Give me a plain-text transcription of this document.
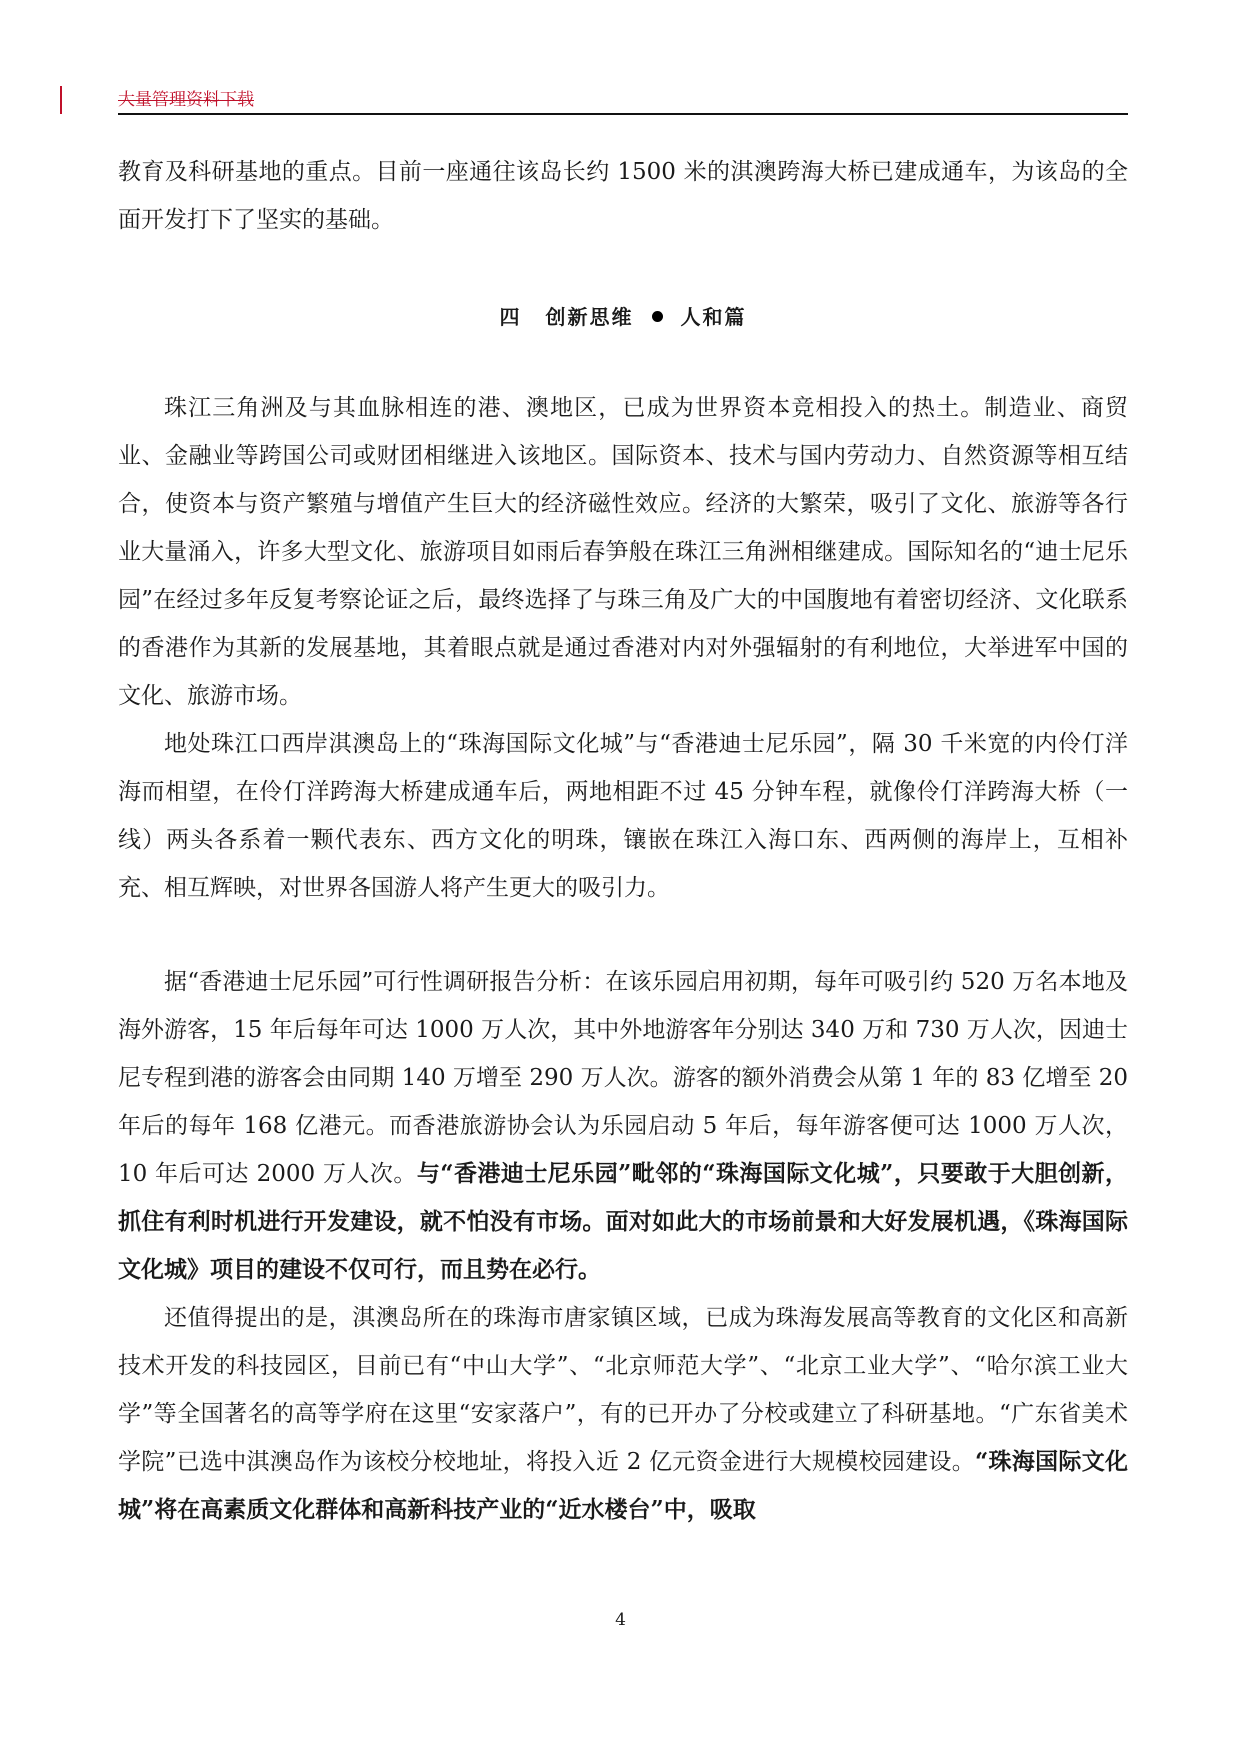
大量管理资料下载

教育及科研基地的重点。目前一座通往该岛长约 1500 米的淇澳跨海大桥已建成通车，为该岛的全面开发打下了坚实的基础。

四 创新思维 人和篇

珠江三角洲及与其血脉相连的港、澳地区，已成为世界资本竞相投入的热土。制造业、商贸业、金融业等跨国公司或财团相继进入该地区。国际资本、技术与国内劳动力、自然资源等相互结合，使资本与资产繁殖与增值产生巨大的经济磁性效应。经济的大繁荣，吸引了文化、旅游等各行业大量涌入，许多大型文化、旅游项目如雨后春笋般在珠江三角洲相继建成。国际知名的“迪士尼乐园”在经过多年反复考察论证之后，最终选择了与珠三角及广大的中国腹地有着密切经济、文化联系的香港作为其新的发展基地，其着眼点就是通过香港对内对外强辐射的有利地位，大举进军中国的文化、旅游市场。

地处珠江口西岸淇澳岛上的“珠海国际文化城”与“香港迪士尼乐园”，隔 30 千米宽的内伶仃洋海而相望，在伶仃洋跨海大桥建成通车后，两地相距不过 45 分钟车程，就像伶仃洋跨海大桥（一线）两头各系着一颗代表东、西方文化的明珠，镶嵌在珠江入海口东、西两侧的海岸上，互相补充、相互辉映，对世界各国游人将产生更大的吸引力。

据“香港迪士尼乐园”可行性调研报告分析：在该乐园启用初期，每年可吸引约 520 万名本地及海外游客，15 年后每年可达 1000 万人次，其中外地游客年分别达 340 万和 730 万人次，因迪士尼专程到港的游客会由同期 140 万增至 290 万人次。游客的额外消费会从第 1 年的 83 亿增至 20 年后的每年 168 亿港元。而香港旅游协会认为乐园启动 5 年后，每年游客便可达 1000 万人次，10 年后可达 2000 万人次。与“香港迪士尼乐园”毗邻的“珠海国际文化城”，只要敢于大胆创新，抓住有利时机进行开发建设，就不怕没有市场。面对如此大的市场前景和大好发展机遇，《珠海国际文化城》项目的建设不仅可行，而且势在必行。

还值得提出的是，淇澳岛所在的珠海市唐家镇区域，已成为珠海发展高等教育的文化区和高新技术开发的科技园区，目前已有“中山大学”、“北京师范大学”、“北京工业大学”、“哈尔滨工业大学”等全国著名的高等学府在这里“安家落户”，有的已开办了分校或建立了科研基地。“广东省美术学院”已选中淇澳岛作为该校分校地址，将投入近 2 亿元资金进行大规模校园建设。“珠海国际文化城”将在高素质文化群体和高新科技产业的“近水楼台”中，吸取

4
